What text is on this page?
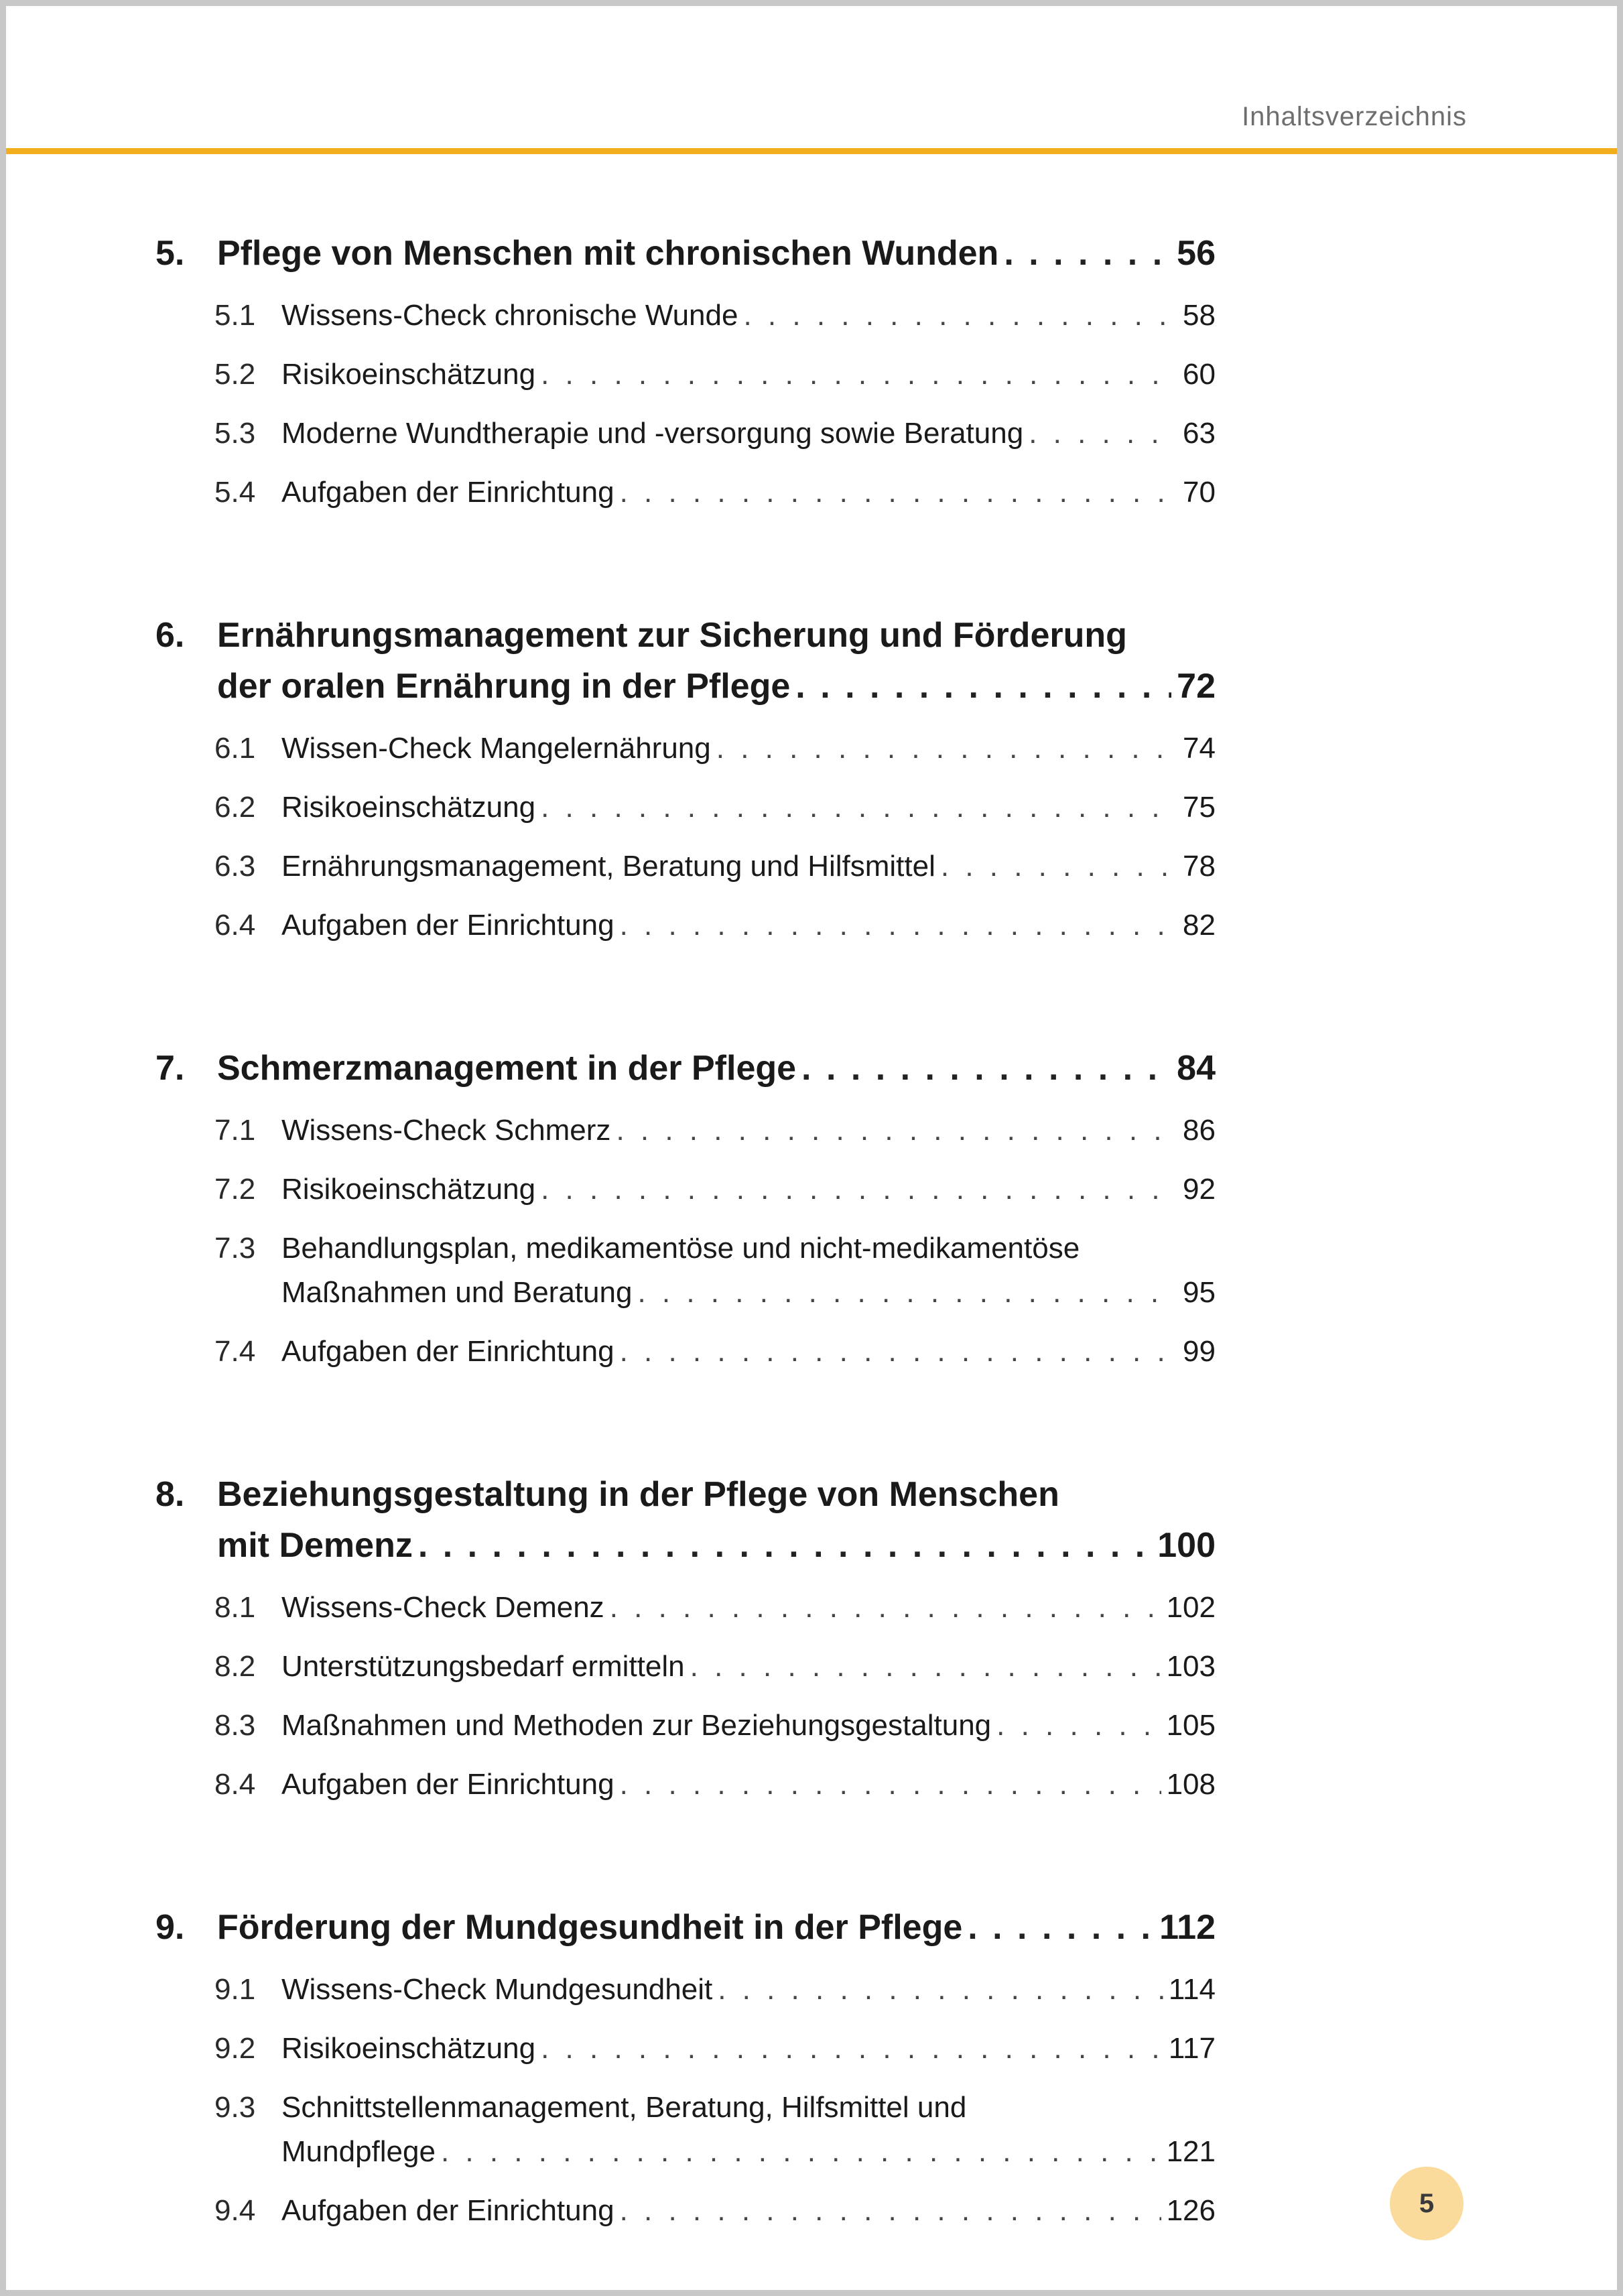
Inhaltsverzeichnis
5. Pflege von Menschen mit chronischen Wunden . . .	56
5.1 Wissens-Check chronische Wunde . . .	58
5.2 Risikoeinschätzung . . .	60
5.3 Moderne Wundtherapie und -versorgung sowie Beratung . . .	63
5.4 Aufgaben der Einrichtung . . .	70
6. Ernährungsmanagement zur Sicherung und Förderung
der oralen Ernährung in der Pflege . . .	72
6.1 Wissen-Check Mangelernährung . . .	74
6.2 Risikoeinschätzung . . .	75
6.3 Ernährungsmanagement, Beratung und Hilfsmittel . . .	78
6.4 Aufgaben der Einrichtung . . .	82
7. Schmerzmanagement in der Pflege . . .	84
7.1 Wissens-Check Schmerz . . .	86
7.2 Risikoeinschätzung . . .	92
7.3 Behandlungsplan, medikamentöse und nicht-medikamentöse
Maßnahmen und Beratung . . .	95
7.4 Aufgaben der Einrichtung . . .	99
8. Beziehungsgestaltung in der Pflege von Menschen
mit Demenz . . .	100
8.1 Wissens-Check Demenz . . .	102
8.2 Unterstützungsbedarf ermitteln . . .	103
8.3 Maßnahmen und Methoden zur Beziehungsgestaltung . . .	105
8.4 Aufgaben der Einrichtung . . .	108
9. Förderung der Mundgesundheit in der Pflege . . .	112
9.1 Wissens-Check Mundgesundheit . . .	114
9.2 Risikoeinschätzung . . .	117
9.3 Schnittstellenmanagement, Beratung, Hilfsmittel und
Mundpflege . . .	121
9.4 Aufgaben der Einrichtung . . .	126	5
